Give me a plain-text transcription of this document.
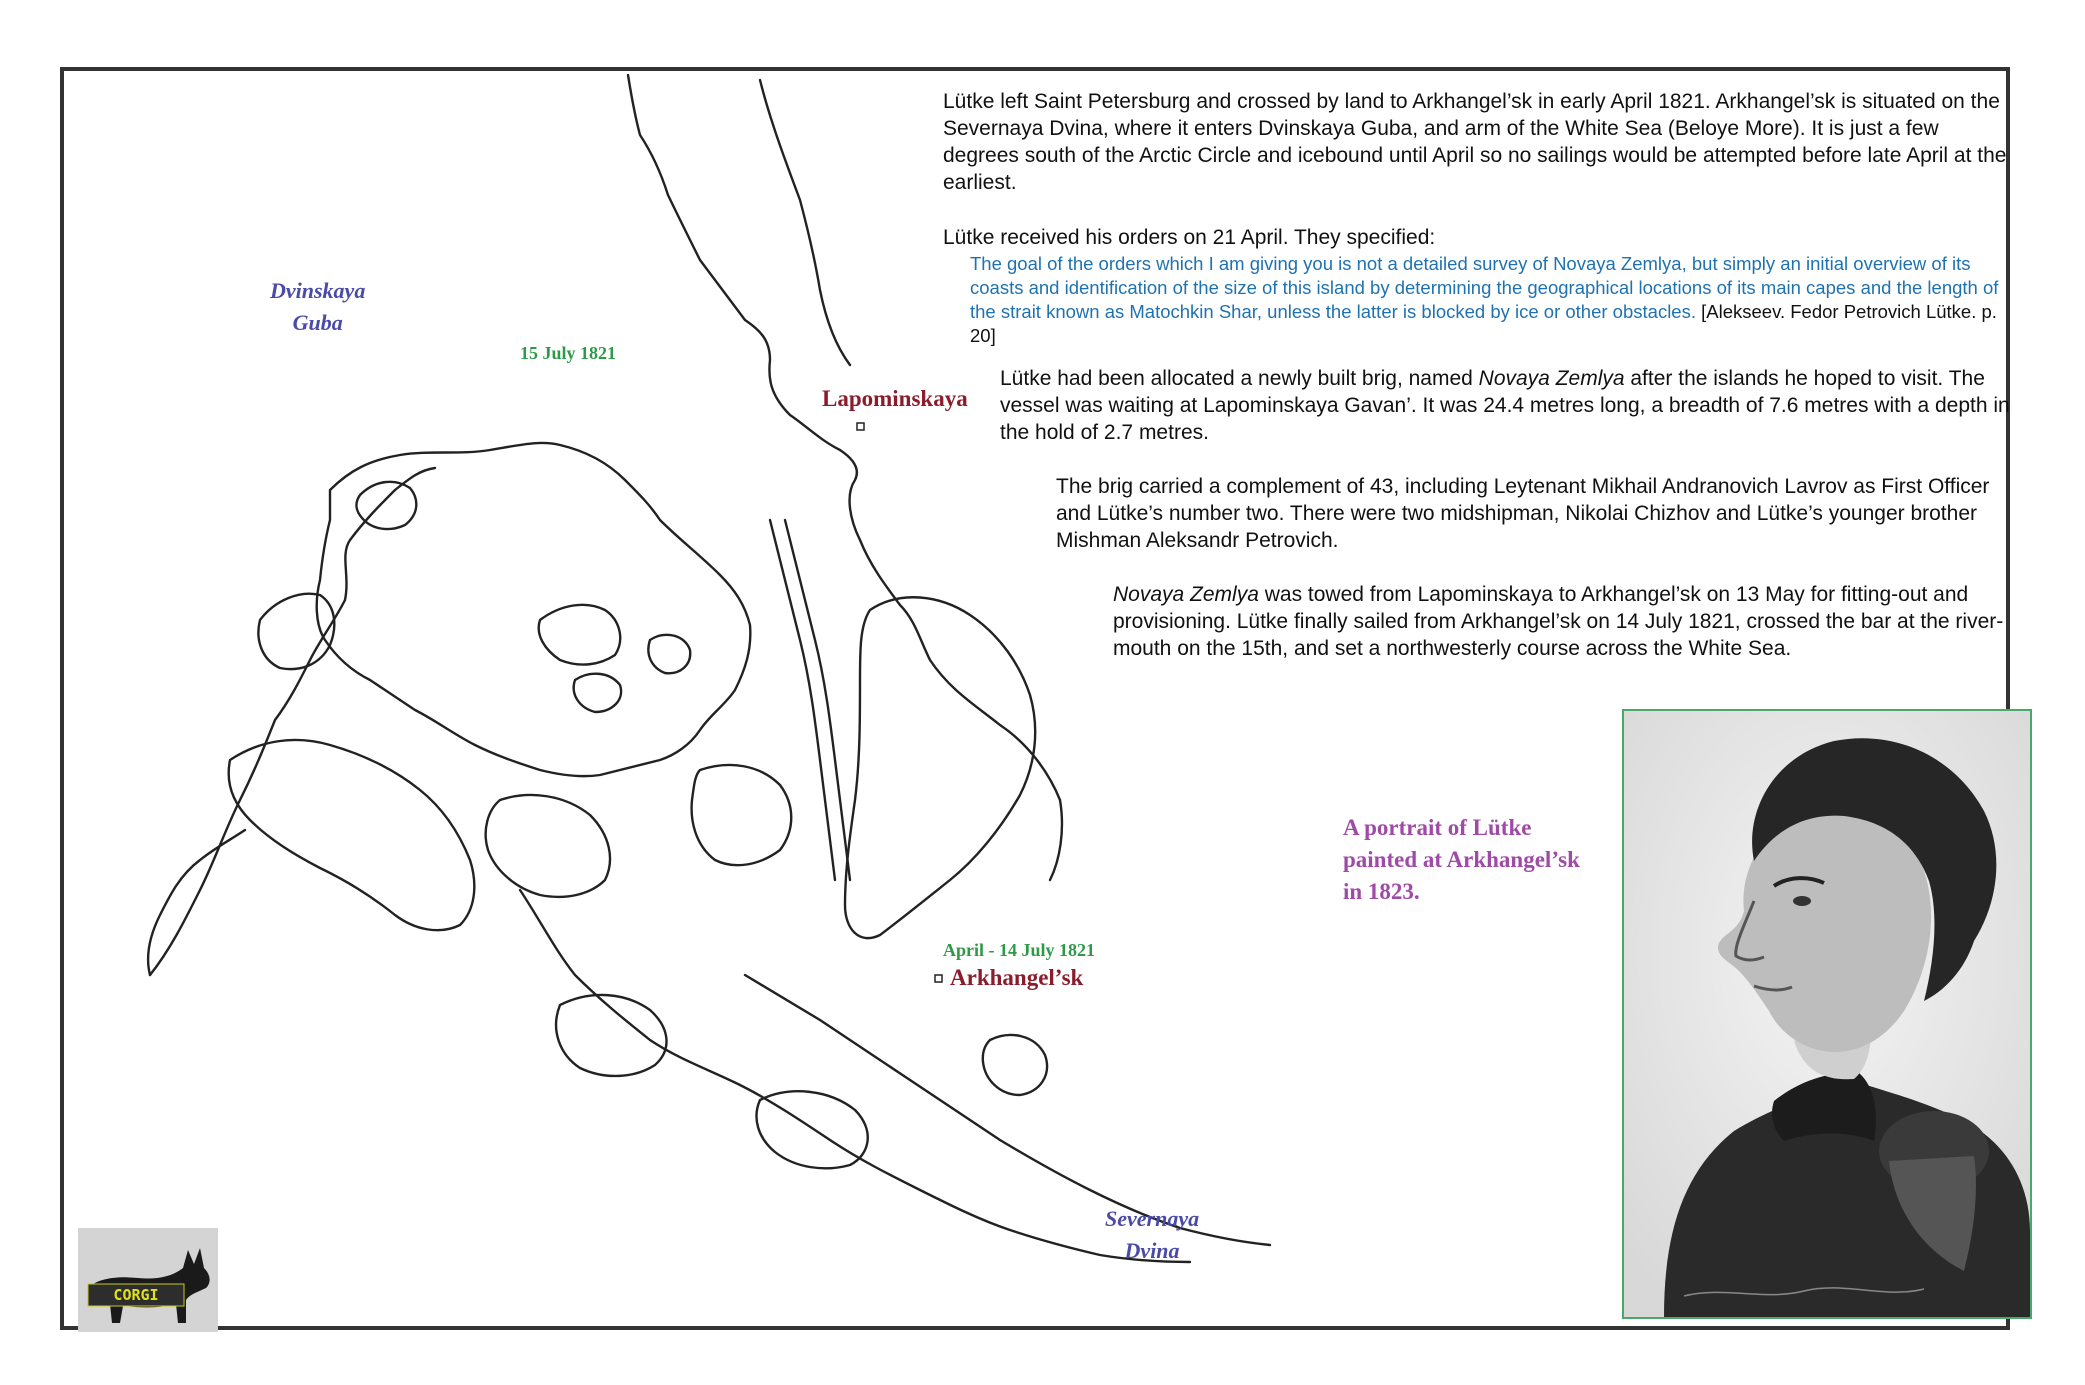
Dvinskaya
Guba
Severnaya
Dvina
15 July 1821
April - 14 July 1821
Lapominskaya
Arkhangel’sk
Lütke left Saint Petersburg and crossed by land to Arkhangel’sk in early April 1821. Arkhangel’sk is situated on the Severnaya Dvina, where it enters Dvinskaya Guba, and arm of the White Sea (Beloye More). It is just a few degrees south of the Arctic Circle and icebound until April so no sailings would be attempted before late April at the earliest.
Lütke received his orders on 21 April. They specified:
The goal of the orders which I am giving you is not a detailed survey of Novaya Zemlya, but simply an initial overview of its coasts and identification of the size of this island by determining the geographical locations of its main capes and the length of the strait known as Matochkin Shar, unless the latter is blocked by ice or other obstacles. [Alekseev. Fedor Petrovich Lütke. p. 20]
Lütke had been allocated a newly built brig, named Novaya Zemlya after the islands he hoped to visit. The vessel was waiting at Lapominskaya Gavan’. It was 24.4 metres long, a breadth of 7.6 metres with a depth in the hold of 2.7 metres.
The brig carried a complement of 43, including Leytenant Mikhail Andranovich Lavrov as First Officer and Lütke’s number two. There were two midshipman, Nikolai Chizhov and Lütke’s younger brother Mishman Aleksandr Petrovich.
Novaya Zemlya was towed from Lapominskaya to Arkhangel’sk on 13 May for fitting-out and provisioning. Lütke finally sailed from Arkhangel’sk on 14 July 1821, crossed the bar at the river-mouth on the 15th, and set a northwesterly course across the White Sea.
A portrait of Lütke
painted at Arkhangel’sk
in 1823.
CORGI
